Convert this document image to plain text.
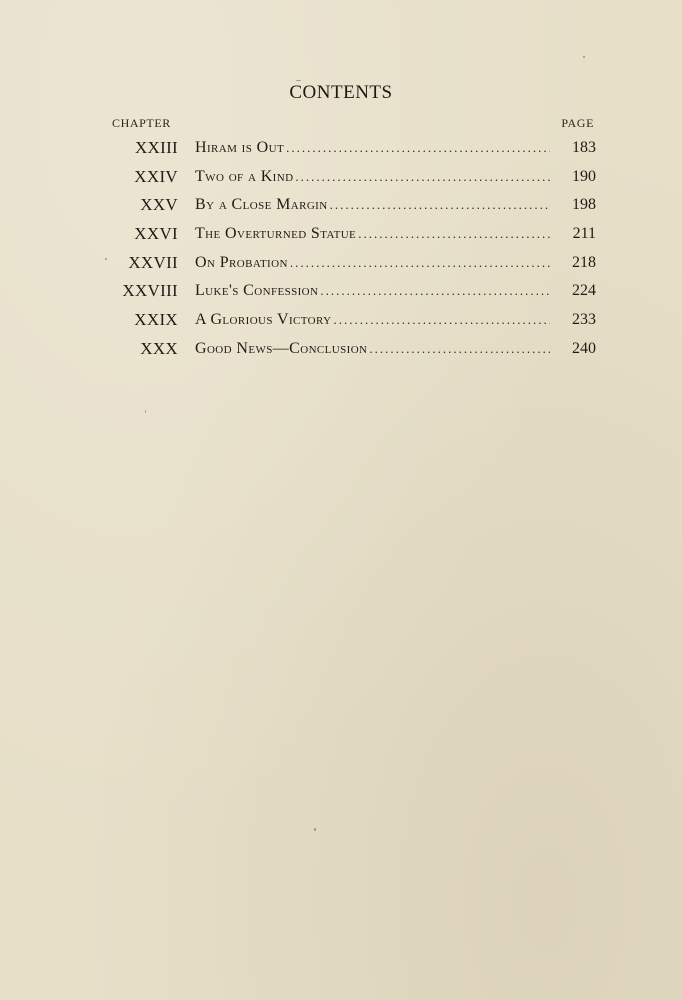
CONTENTS
CHAPTER	PAGE
XXIII Hiram is Out .....	183
XXIV Two of a Kind .....	190
XXV By a Close Margin .....	198
XXVI The Overturned Statue .....	211
XXVII On Probation .....	218
XXVIII Luke's Confession .....	224
XXIX A Glorious Victory .....	233
XXX Good News—Conclusion .....	240
